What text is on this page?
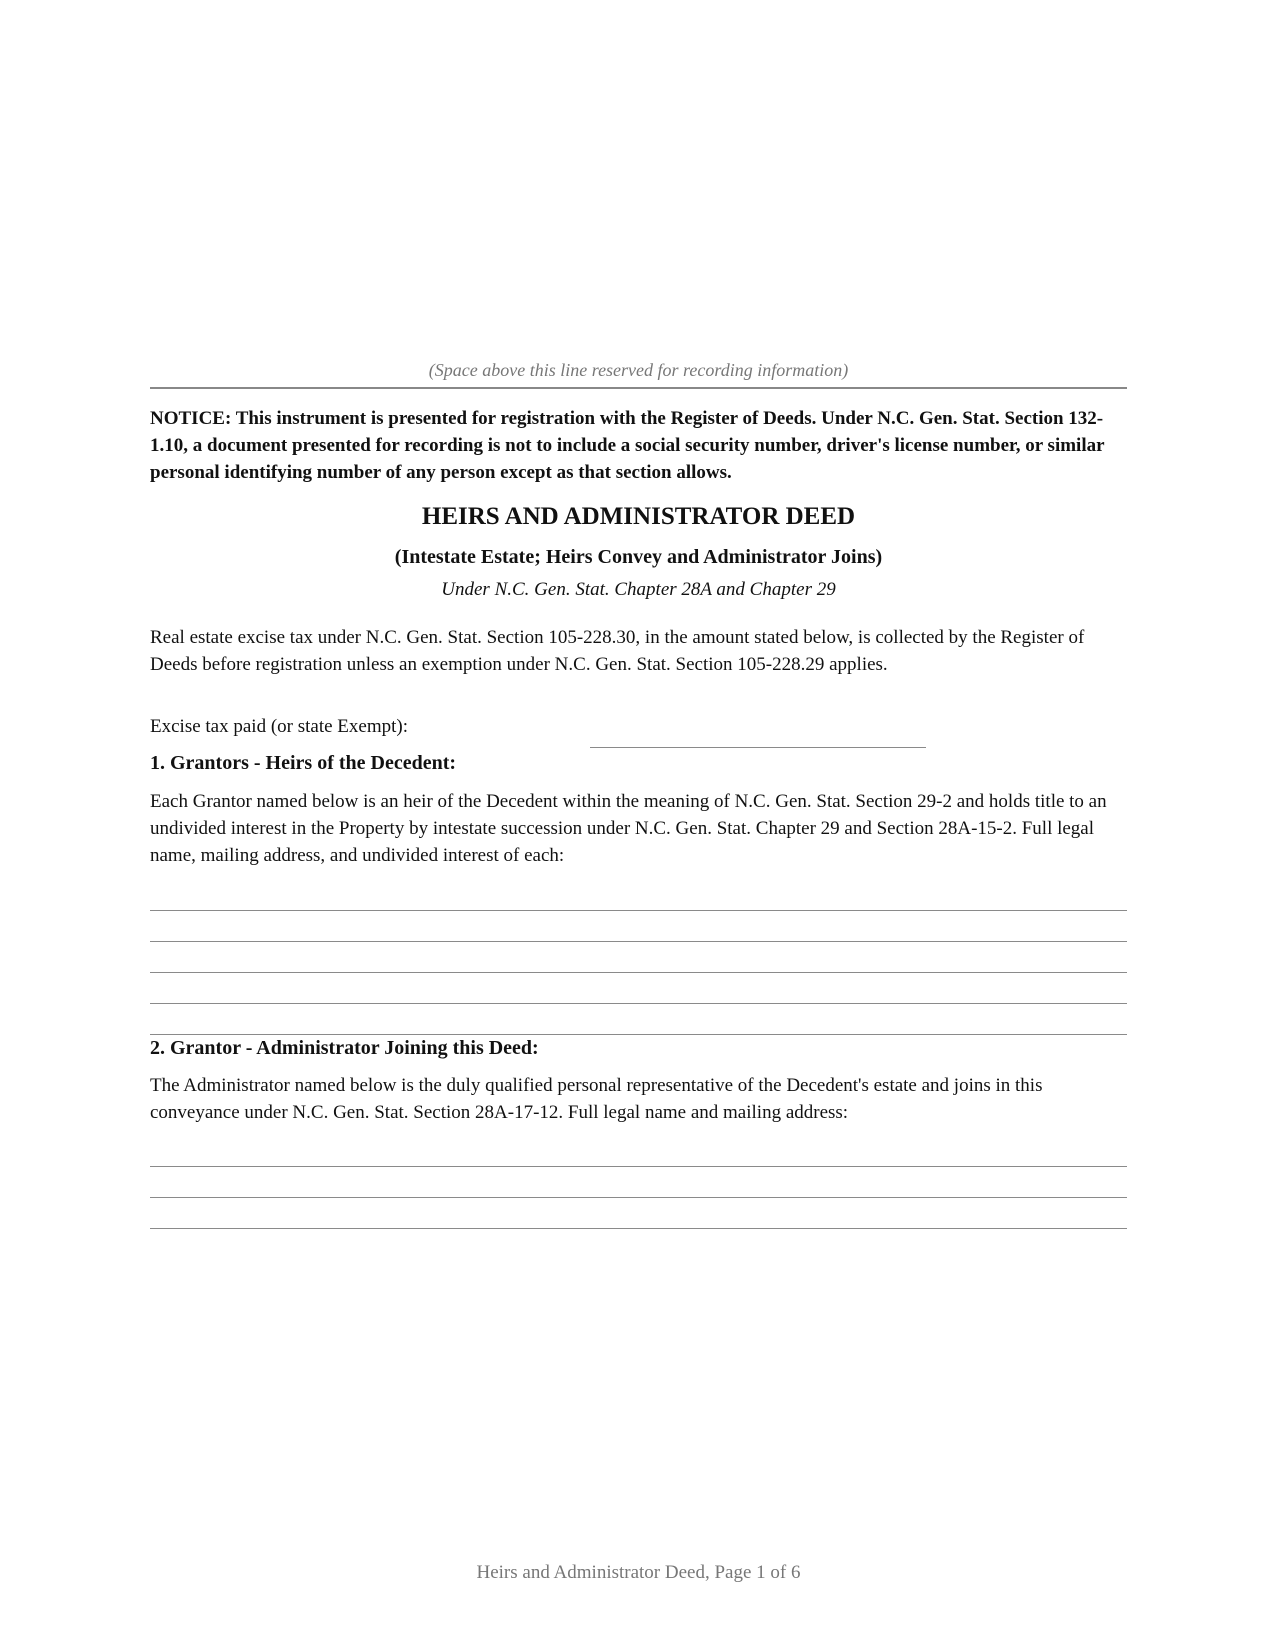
(Space above this line reserved for recording information)
NOTICE: This instrument is presented for registration with the Register of Deeds. Under N.C. Gen. Stat. Section 132-1.10, a document presented for recording is not to include a social security number, driver's license number, or similar personal identifying number of any person except as that section allows.
HEIRS AND ADMINISTRATOR DEED
(Intestate Estate; Heirs Convey and Administrator Joins)
Under N.C. Gen. Stat. Chapter 28A and Chapter 29
Real estate excise tax under N.C. Gen. Stat. Section 105-228.30, in the amount stated below, is collected by the Register of Deeds before registration unless an exemption under N.C. Gen. Stat. Section 105-228.29 applies.
Excise tax paid (or state Exempt):
1. Grantors - Heirs of the Decedent:
Each Grantor named below is an heir of the Decedent within the meaning of N.C. Gen. Stat. Section 29-2 and holds title to an undivided interest in the Property by intestate succession under N.C. Gen. Stat. Chapter 29 and Section 28A-15-2. Full legal name, mailing address, and undivided interest of each:
2. Grantor - Administrator Joining this Deed:
The Administrator named below is the duly qualified personal representative of the Decedent's estate and joins in this conveyance under N.C. Gen. Stat. Section 28A-17-12. Full legal name and mailing address:
Heirs and Administrator Deed, Page 1 of 6
